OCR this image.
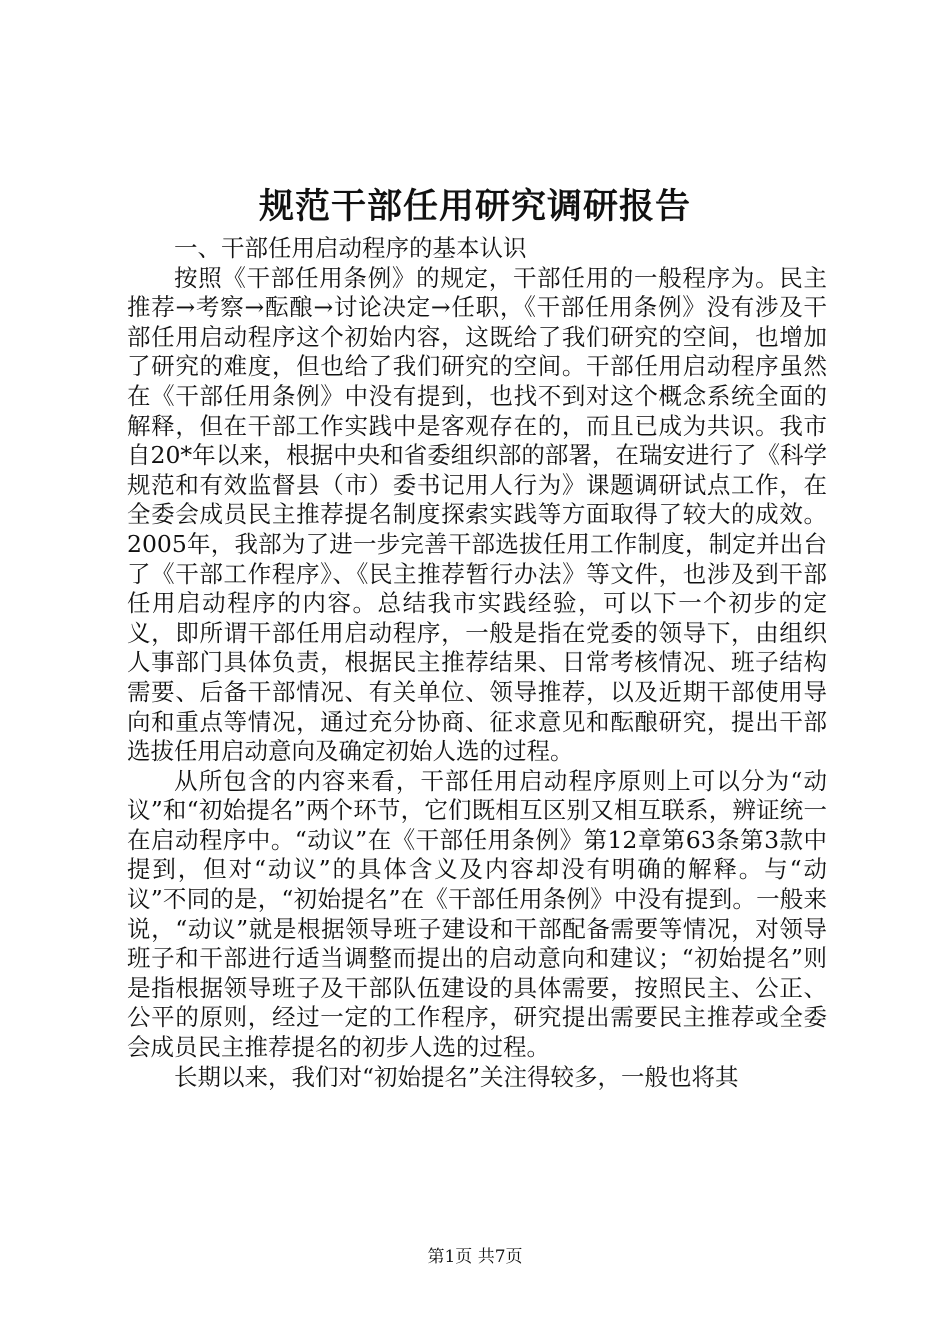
规范干部任用研究调研报告

一、干部任用启动程序的基本认识

按照《干部任用条例》的规定，干部任用的一般程序为。民主推荐→考察→酝酿→讨论决定→任职，《干部任用条例》没有涉及干部任用启动程序这个初始内容，这既给了我们研究的空间，也增加了研究的难度，但也给了我们研究的空间。干部任用启动程序虽然在《干部任用条例》中没有提到，也找不到对这个概念系统全面的解释，但在干部工作实践中是客观存在的，而且已成为共识。我市自20*年以来，根据中央和省委组织部的部署，在瑞安进行了《科学规范和有效监督县（市）委书记用人行为》课题调研试点工作，在全委会成员民主推荐提名制度探索实践等方面取得了较大的成效。2005年，我部为了进一步完善干部选拔任用工作制度，制定并出台了《干部工作程序》、《民主推荐暂行办法》等文件，也涉及到干部任用启动程序的内容。总结我市实践经验，可以下一个初步的定义，即所谓干部任用启动程序，一般是指在党委的领导下，由组织人事部门具体负责，根据民主推荐结果、日常考核情况、班子结构需要、后备干部情况、有关单位、领导推荐，以及近期干部使用导向和重点等情况，通过充分协商、征求意见和酝酿研究，提出干部选拔任用启动意向及确定初始人选的过程。

从所包含的内容来看，干部任用启动程序原则上可以分为“动议”和“初始提名”两个环节，它们既相互区别又相互联系，辨证统一在启动程序中。“动议”在《干部任用条例》第12章第63条第3款中提到，但对“动议”的具体含义及内容却没有明确的解释。与“动议”不同的是，“初始提名”在《干部任用条例》中没有提到。一般来说，“动议”就是根据领导班子建设和干部配备需要等情况，对领导班子和干部进行适当调整而提出的启动意向和建议；“初始提名”则是指根据领导班子及干部队伍建设的具体需要，按照民主、公正、公平的原则，经过一定的工作程序，研究提出需要民主推荐或全委会成员民主推荐提名的初步人选的过程。

长期以来，我们对“初始提名”关注得较多，一般也将其

第1页 共7页
